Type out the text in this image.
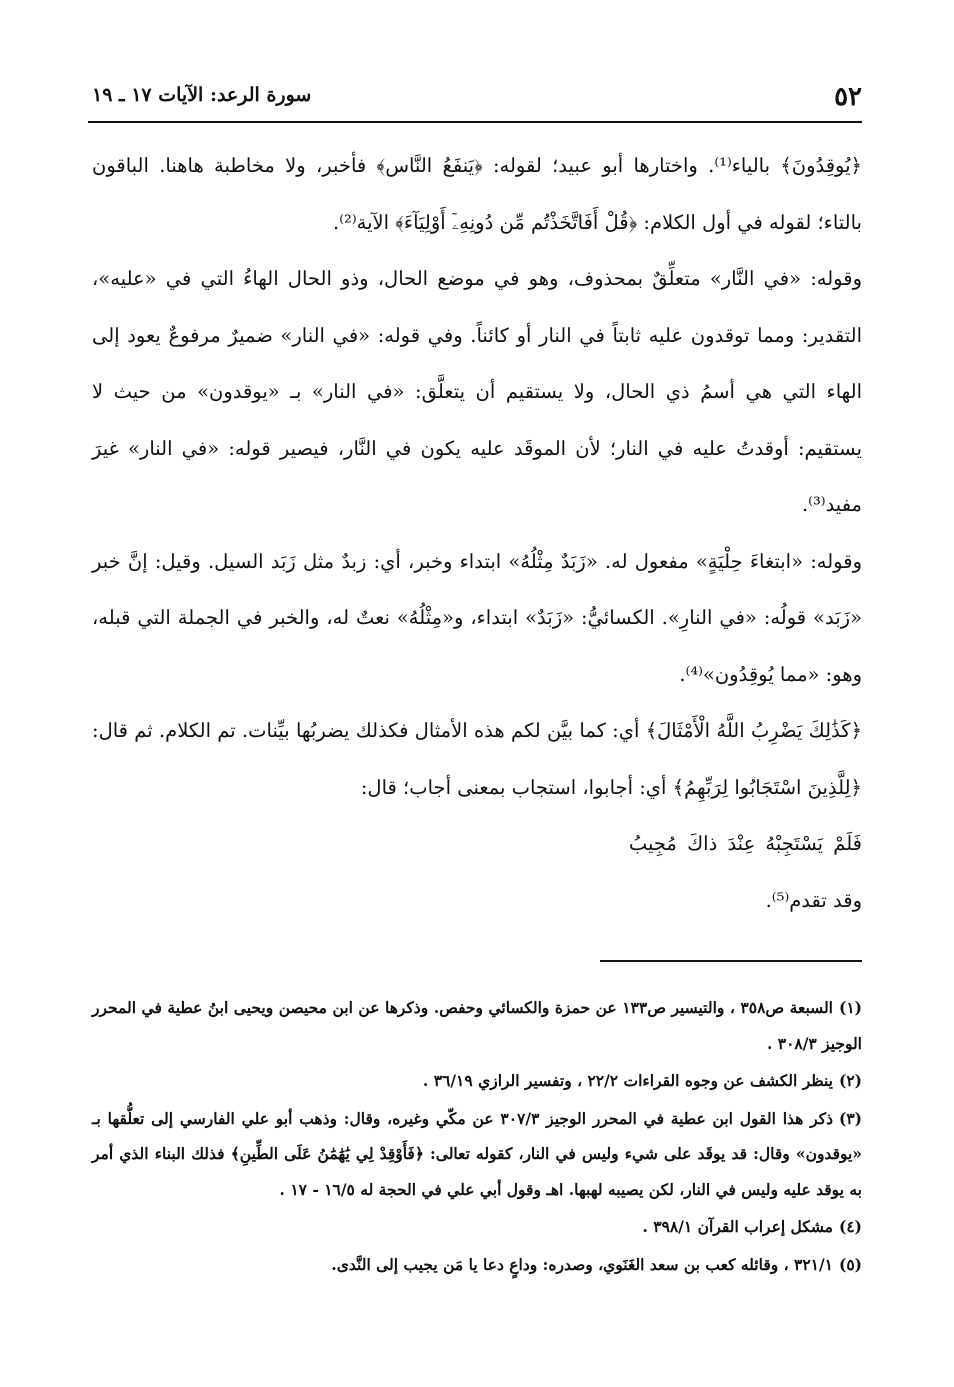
٥٢
سورة الرعد: الآيات ١٧ ـ ١٩

﴿يُوقِدُونَ﴾ بالياء⁽¹⁾. واختارها أبو عبيد؛ لقوله: ﴿يَنفَعُ النَّاس﴾ فأخبر، ولا مخاطبة هاهنا. الباقون بالتاء؛ لقوله في أول الكلام: ﴿قُلْ أَفَاتَّخَذْتُم مِّن دُونِهِۦٓ أَوْلِيَآءَ﴾ الآية⁽²⁾.

وقوله: «في النَّار» متعلِّقٌ بمحذوف، وهو في موضع الحال، وذو الحال الهاءُ التي في «عليه»، التقدير: ومما توقدون عليه ثابتاً في النار أو كائناً. وفي قوله: «في النار» ضميرٌ مرفوعٌ يعود إلى الهاء التي هي أسمُ ذي الحال، ولا يستقيم أن يتعلَّق: «في النار» بـ «يوقدون» من حيث لا يستقيم: أوقدتُ عليه في النار؛ لأن الموقَد عليه يكون في النَّار، فيصير قوله: «في النار» غيرَ مفيد⁽³⁾.

وقوله: «ابتغاءَ حِلْيَةٍ» مفعول له. «زَبَدٌ مِثْلُهُ» ابتداء وخبر، أي: زبدٌ مثل زَبَد السيل. وقيل: إنَّ خبر «زَبَد» قولُه: «في النارِ». الكسائيُّ: «زَبَدٌ» ابتداء، و«مِثْلُهُ» نعتٌ له، والخبر في الجملة التي قبله، وهو: «مما يُوقِدُون»⁽⁴⁾.

﴿كَذَٰلِكَ يَضْرِبُ اللَّهُ الْأَمْثَالَ﴾ أي: كما بيَّن لكم هذه الأمثال فكذلك يضربُها بيِّنات. تم الكلام. ثم قال: ﴿لِلَّذِينَ اسْتَجَابُوا لِرَبِّهِمُ﴾ أي: أجابوا، استجاب بمعنى أجاب؛ قال:

فَلَمْ يَسْتَجِبْهُ عِنْدَ ذاكَ مُجِيبُ

وقد تقدم⁽⁵⁾.

(١)السبعة ص٣٥٨ ، والتيسير ص١٣٣ عن حمزة والكسائي وحفص. وذكرها عن ابن محيصن ويحيى ابنُ عطية في المحرر الوجيز ٣٠٨/٣ .

(٢)ينظر الكشف عن وجوه القراءات ٢٢/٢ ، وتفسير الرازي ٣٦/١٩ .

(٣)ذكر هذا القول ابن عطية في المحرر الوجيز ٣٠٧/٣ عن مكّي وغيره، وقال: وذهب أبو علي الفارسي إلى تعلُّقها بـ «يوقدون» وقال: قد يوقَد على شيء وليس في النار، كقوله تعالى: ﴿فَأَوْقِدْ لِي يَٰهَٰمَٰنُ عَلَى الطِّينِ﴾ فذلك البناء الذي أمر به يوقد عليه وليس في النار، لكن يصيبه لهبها. اهـ وقول أبي علي في الحجة له ١٦/٥ - ١٧ .

(٤)مشكل إعراب القرآن ٣٩٨/١ .

(٥)٣٢١/١ ، وقائله كعب بن سعد الغَنَوي، وصدره: وداعٍ دعا يا مَن يجيب إلى النَّدى.
